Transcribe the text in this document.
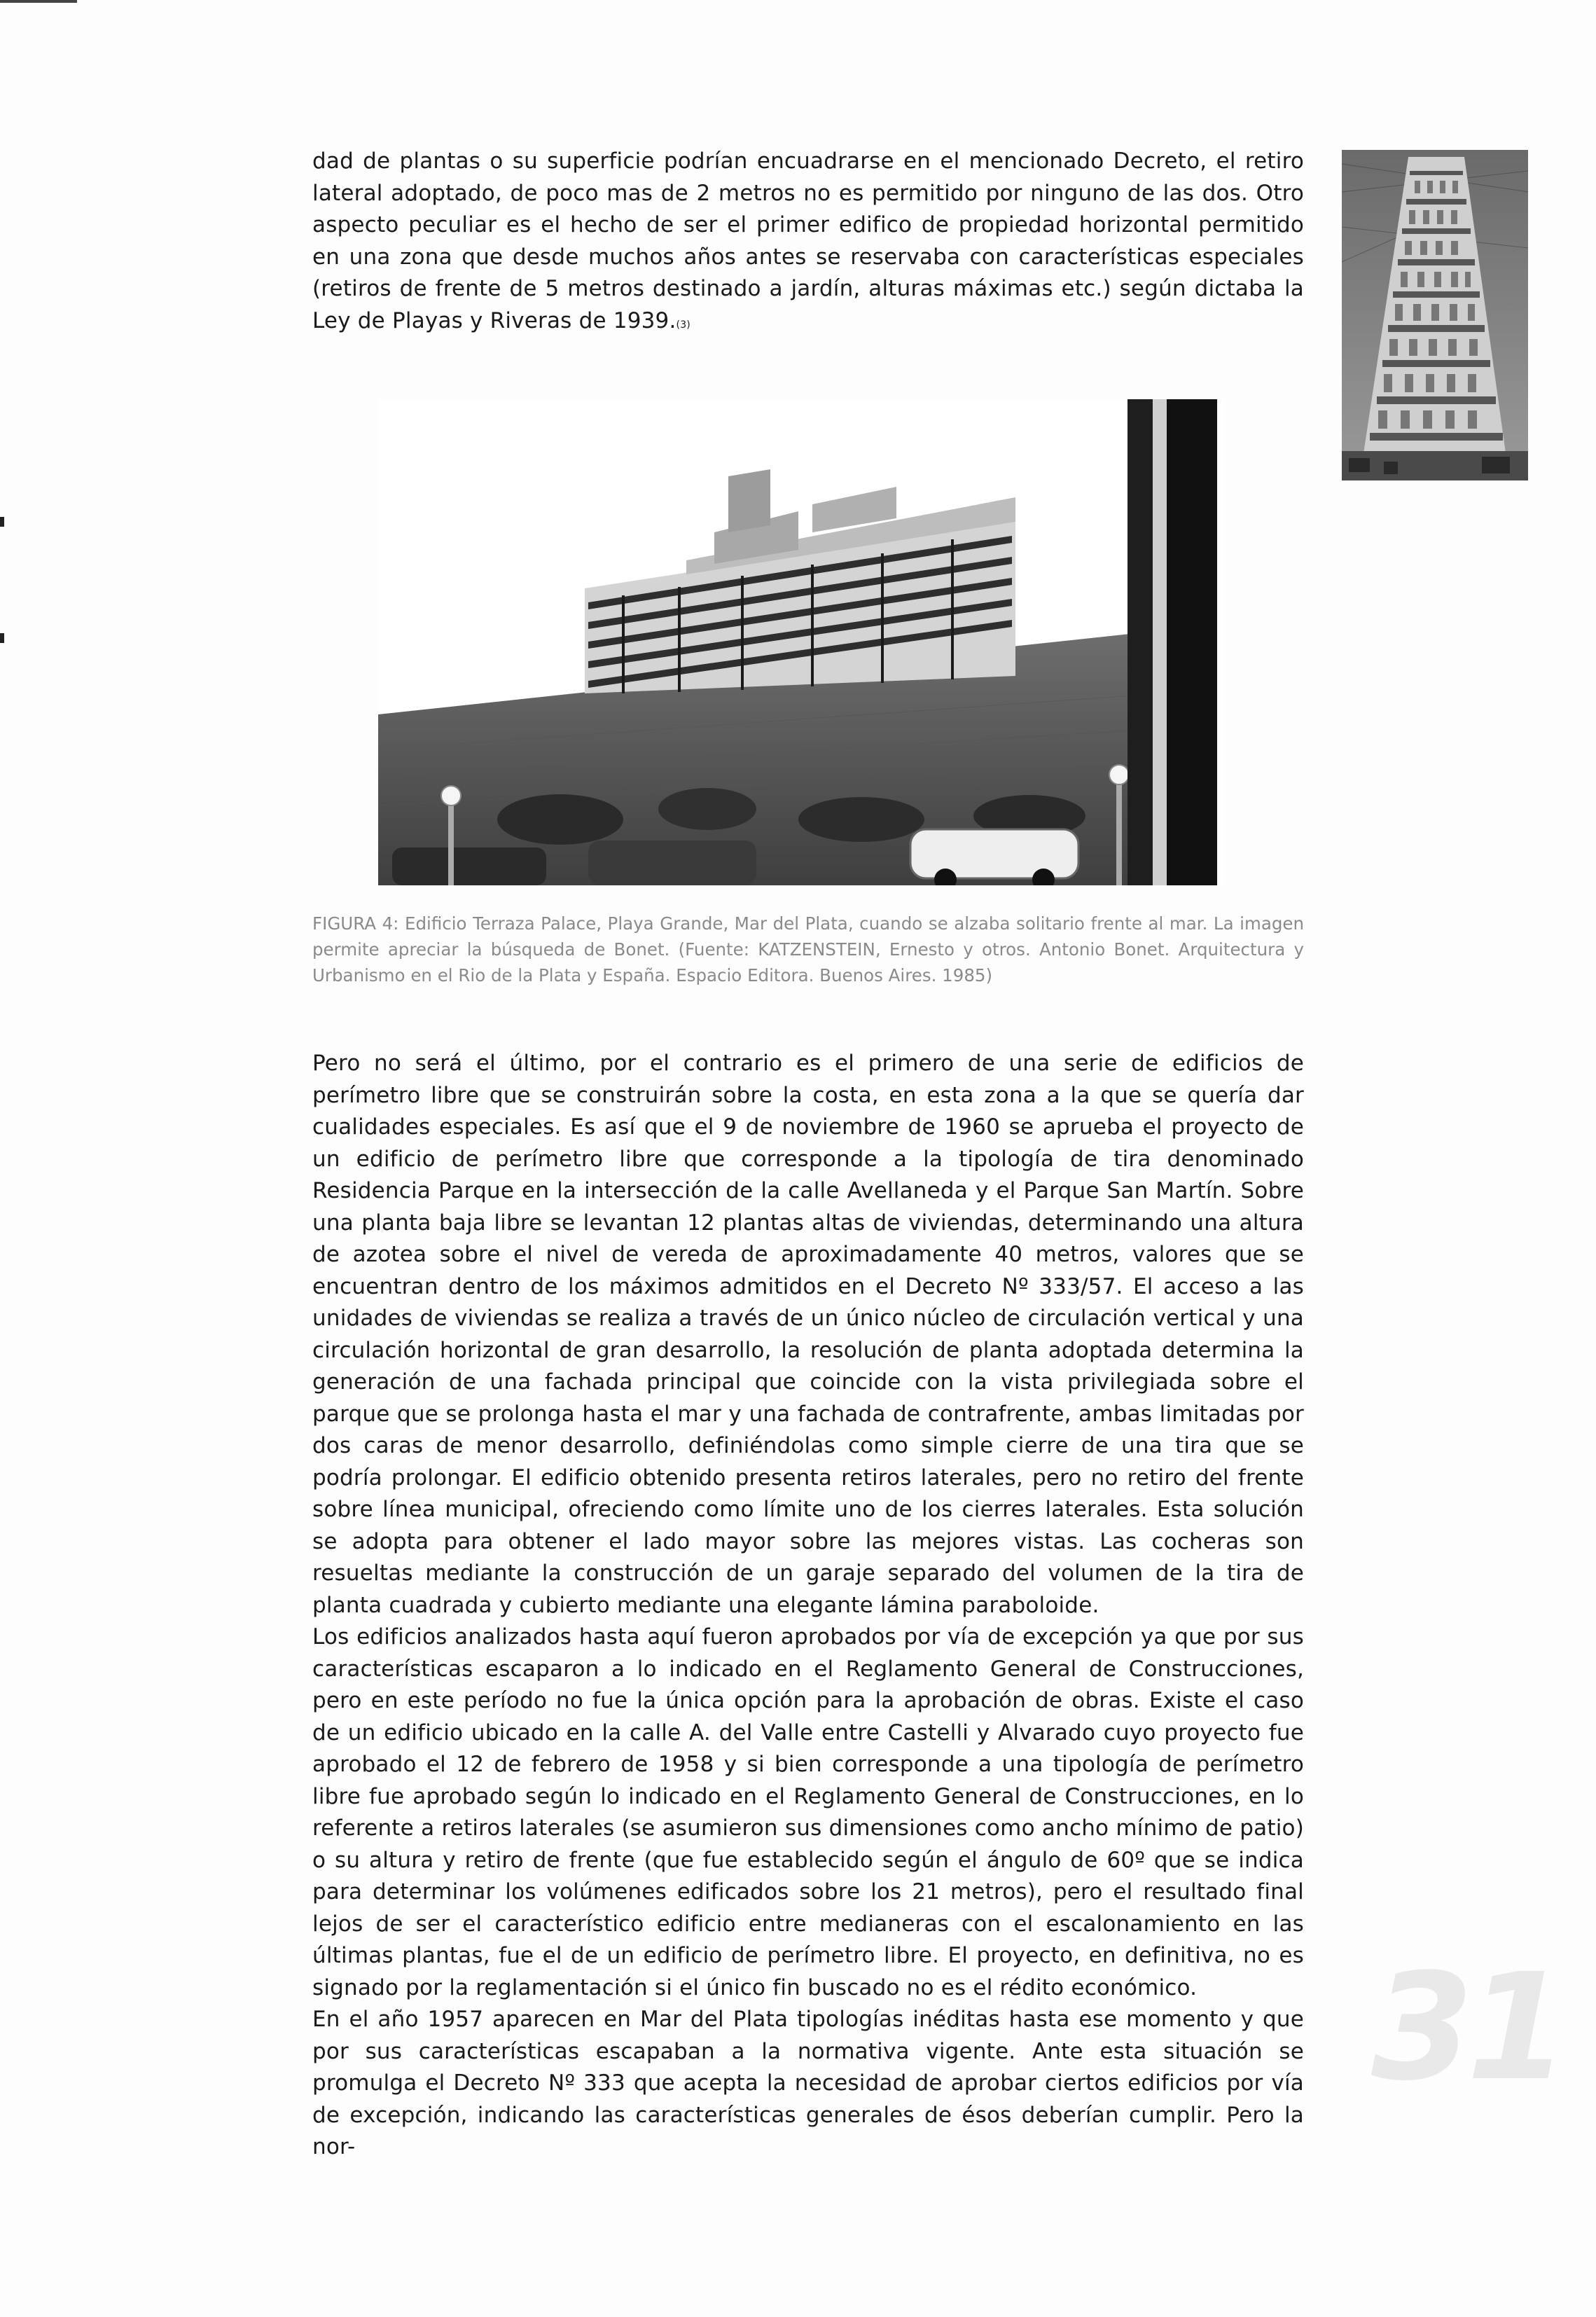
dad de plantas o su superficie podrían encuadrarse en el mencionado Decreto, el retiro lateral adoptado, de poco mas de 2 metros no es permitido por ninguno de las dos. Otro aspecto peculiar es el hecho de ser el primer edifico de propiedad horizontal permitido en una zona que desde muchos años antes se reservaba con características especiales (retiros de frente de 5 metros destinado a jardín, alturas máximas etc.) según dictaba la Ley de Playas y Riveras de 1939.(3)

FIGURA 4: Edificio Terraza Palace, Playa Grande, Mar del Plata, cuando se alzaba solitario frente al mar. La imagen permite apreciar la búsqueda de Bonet. (Fuente: KATZENSTEIN, Ernesto y otros. Antonio Bonet. Arquitectura y Urbanismo en el Rio de la Plata y España. Espacio Editora. Buenos Aires. 1985)

Pero no será el último, por el contrario es el primero de una serie de edificios de perímetro libre que se construirán sobre la costa, en esta zona a la que se quería dar cualidades especiales. Es así que el 9 de noviembre de 1960 se aprueba el proyecto de un edificio de perímetro libre que corresponde a la tipología de tira denominado Residencia Parque en la intersección de la calle Avellaneda y el Parque San Martín. Sobre una planta baja libre se levantan 12 plantas altas de viviendas, determinando una altura de azotea sobre el nivel de vereda de aproximadamente 40 metros, valores que se encuentran dentro de los máximos admitidos en el Decreto Nº 333/57. El acceso a las unidades de viviendas se realiza a través de un único núcleo de circulación vertical y una circulación horizontal de gran desarrollo, la resolución de planta adoptada determina la generación de una fachada principal que coincide con la vista privilegiada sobre el parque que se prolonga hasta el mar y una fachada de contrafrente, ambas limitadas por dos caras de menor desarrollo, definiéndolas como simple cierre de una tira que se podría prolongar. El edificio obtenido presenta retiros laterales, pero no retiro del frente sobre línea municipal, ofreciendo como límite uno de los cierres laterales. Esta solución se adopta para obtener el lado mayor sobre las mejores vistas. Las cocheras son resueltas mediante la construcción de un garaje separado del volumen de la tira de planta cuadrada y cubierto mediante una elegante lámina paraboloide.

Los edificios analizados hasta aquí fueron aprobados por vía de excepción ya que por sus características escaparon a lo indicado en el Reglamento General de Construcciones, pero en este período no fue la única opción para la aprobación de obras. Existe el caso de un edificio ubicado en la calle A. del Valle entre Castelli y Alvarado cuyo proyecto fue aprobado el 12 de febrero de 1958 y si bien corresponde a una tipología de perímetro libre fue aprobado según lo indicado en el Reglamento General de Construcciones, en lo referente a retiros laterales (se asumieron sus dimensiones como ancho mínimo de patio) o su altura y retiro de frente (que fue establecido según el ángulo de 60º que se indica para determinar los volúmenes edificados sobre los 21 metros), pero el resultado final lejos de ser el característico edificio entre medianeras con el escalonamiento en las últimas plantas, fue el de un edificio de perímetro libre. El proyecto, en definitiva, no es signado por la reglamentación si el único fin buscado no es el rédito económico.

En el año 1957 aparecen en Mar del Plata tipologías inéditas hasta ese momento y que por sus características escapaban a la normativa vigente. Ante esta situación se promulga el Decreto Nº 333 que acepta la necesidad de aprobar ciertos edificios por vía de excepción, indicando las características generales de ésos deberían cumplir. Pero la nor-

31
